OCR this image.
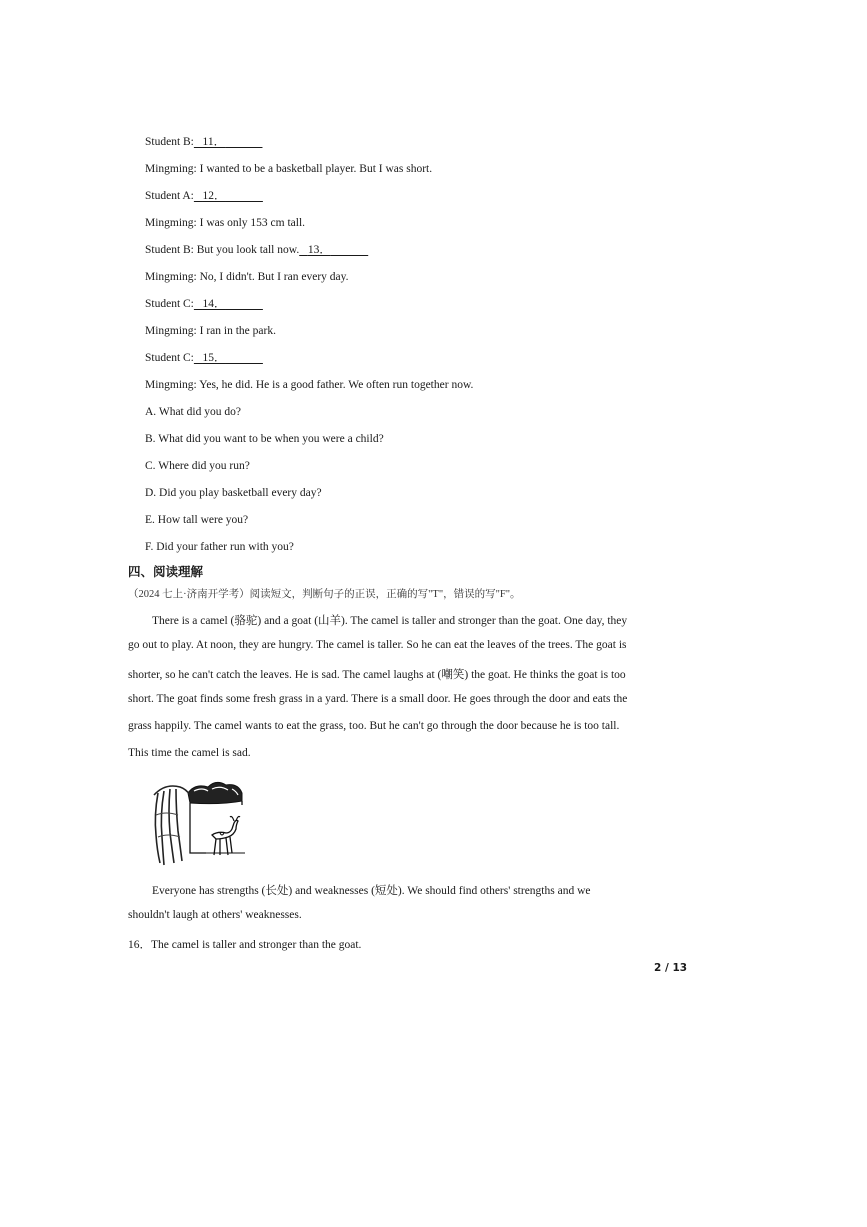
Student B: 11．
Mingming: I wanted to be a basketball player. But I was short.
Student A: 12．
Mingming: I was only 153 cm tall.
Student B: But you look tall now. 13．
Mingming: No, I didn't. But I ran every day.
Student C: 14．
Mingming: I ran in the park.
Student C: 15．
Mingming: Yes, he did. He is a good father. We often run together now.
A. What did you do?
B. What did you want to be when you were a child?
C. Where did you run?
D. Did you play basketball every day?
E. How tall were you?
F. Did your father run with you?
四、阅读理解
（2024 七上·济南开学考）阅读短文，判断句子的正误，正确的写"T"，错误的写"F"。
There is a camel (骆驼) and a goat (山羊). The camel is taller and stronger than the goat. One day, they
go out to play. At noon, they are hungry. The camel is taller. So he can eat the leaves of the trees. The goat is
shorter, so he can't catch the leaves. He is sad. The camel laughs at (嘲笑) the goat. He thinks the goat is too
short. The goat finds some fresh grass in a yard. There is a small door. He goes through the door and eats the
grass happily. The camel wants to eat the grass, too. But he can't go through the door because he is too tall.
This time the camel is sad.
Everyone has strengths (长处) and weaknesses (短处). We should find others' strengths and we
shouldn't laugh at others' weaknesses.
16．The camel is taller and stronger than the goat.
2 / 13
